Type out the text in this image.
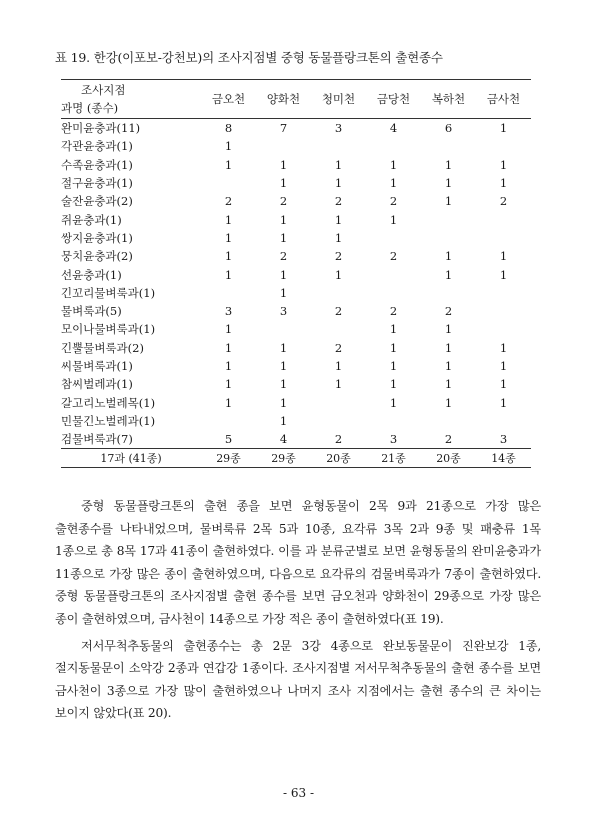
표 19. 한강(이포보-강천보)의 조사지점별 중형 동물플랑크톤의 출현종수
조사지점
과명 (종수)	금오천	양화천	청미천	금당천	복하천	금사천
완미윤충과(11)	8	7	3	4	6	1
각관윤충과(1)	1					
수족윤충과(1)	1	1	1	1	1	1
절구윤충과(1)		1	1	1	1	1
술잔윤충과(2)	2	2	2	2	1	2
쥐윤충과(1)	1	1	1	1		
쌍지윤충과(1)	1	1	1			
뭉치윤충과(2)	1	2	2	2	1	1
선윤충과(1)	1	1	1		1	1
긴꼬리물벼룩과(1)		1				
물벼룩과(5)	3	3	2	2	2	
모이나물벼룩과(1)	1			1	1	
긴뿔물벼룩과(2)	1	1	2	1	1	1
씨물벼룩과(1)	1	1	1	1	1	1
참씨벌레과(1)	1	1	1	1	1	1
갈고리노벌레목(1)	1	1		1	1	1
민물긴노벌레과(1)		1				
검물벼룩과(7)	5	4	2	3	2	3
17과 (41종)	29종	29종	20종	21종	20종	14종

중형 동물플랑크톤의 출현 종을 보면 윤형동물이 2목 9과 21종으로 가장 많은 출현종수를 나타내었으며, 물벼룩류 2목 5과 10종, 요각류 3목 2과 9종 및 패충류 1목 1종으로 총 8목 17과 41종이 출현하였다. 이를 과 분류군별로 보면 윤형동물의 완미윤충과가 11종으로 가장 많은 종이 출현하였으며, 다음으로 요각류의 검물벼룩과가 7종이 출현하였다. 중형 동물플랑크톤의 조사지점별 출현 종수를 보면 금오천과 양화천이 29종으로 가장 많은 종이 출현하였으며, 금사천이 14종으로 가장 적은 종이 출현하였다(표 19).

저서무척추동물의 출현종수는 총 2문 3강 4종으로 완보동물문이 진완보강 1종, 절지동물문이 소악강 2종과 연갑강 1종이다. 조사지점별 저서무척추동물의 출현 종수를 보면 금사천이 3종으로 가장 많이 출현하였으나 나머지 조사 지점에서는 출현 종수의 큰 차이는 보이지 않았다(표 20).

- 63 -
